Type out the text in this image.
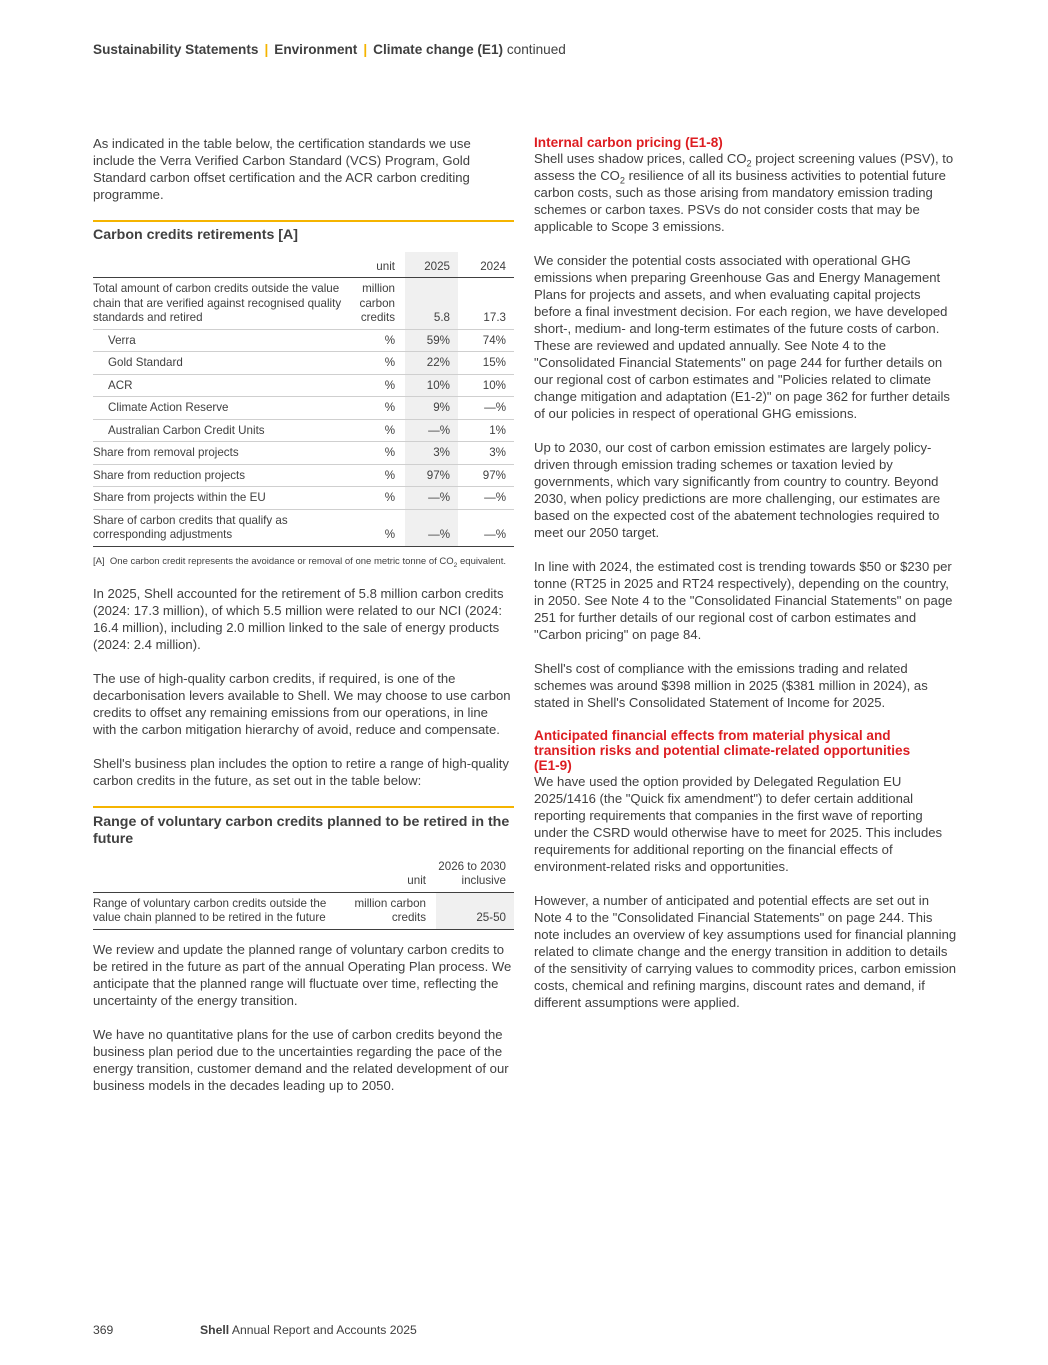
Sustainability Statements | Environment | Climate change (E1) continued

As indicated in the table below, the certification standards we use include the Verra Verified Carbon Standard (VCS) Program, Gold Standard carbon offset certification and the ACR carbon crediting programme.

Carbon credits retirements [A]
	unit	2025	2024
Total amount of carbon credits outside the value chain that are verified against recognised quality standards and retired	million carbon credits	5.8	17.3
Verra	%	59%	74%
Gold Standard	%	22%	15%
ACR	%	10%	10%
Climate Action Reserve	%	9%	—%
Australian Carbon Credit Units	%	—%	1%
Share from removal projects	%	3%	3%
Share from reduction projects	%	97%	97%
Share from projects within the EU	%	—%	—%
Share of carbon credits that qualify as corresponding adjustments	%	—%	—%
[A] One carbon credit represents the avoidance or removal of one metric tonne of $CO_2$ equivalent.

In 2025, Shell accounted for the retirement of 5.8 million carbon credits (2024: 17.3 million), of which 5.5 million were related to our NCI (2024: 16.4 million), including 2.0 million linked to the sale of energy products (2024: 2.4 million).

The use of high-quality carbon credits, if required, is one of the decarbonisation levers available to Shell. We may choose to use carbon credits to offset any remaining emissions from our operations, in line with the carbon mitigation hierarchy of avoid, reduce and compensate.

Shell's business plan includes the option to retire a range of high-quality carbon credits in the future, as set out in the table below:

Range of voluntary carbon credits planned to be retired in the future
	unit	2026 to 2030 inclusive
Range of voluntary carbon credits outside the value chain planned to be retired in the future	million carbon credits	25-50

We review and update the planned range of voluntary carbon credits to be retired in the future as part of the annual Operating Plan process. We anticipate that the planned range will fluctuate over time, reflecting the uncertainty of the energy transition.

We have no quantitative plans for the use of carbon credits beyond the business plan period due to the uncertainties regarding the pace of the energy transition, customer demand and the related development of our business models in the decades leading up to 2050.

Internal carbon pricing (E1-8)

Shell uses shadow prices, called $CO_2$ project screening values (PSV), to assess the $CO_2$ resilience of all its business activities to potential future carbon costs, such as those arising from mandatory emission trading schemes or carbon taxes. PSVs do not consider costs that may be applicable to Scope 3 emissions.

We consider the potential costs associated with operational GHG emissions when preparing Greenhouse Gas and Energy Management Plans for projects and assets, and when evaluating capital projects before a final investment decision. For each region, we have developed short-, medium- and long-term estimates of the future costs of carbon. These are reviewed and updated annually. See Note 4 to the "Consolidated Financial Statements" on page 244 for further details on our regional cost of carbon estimates and "Policies related to climate change mitigation and adaptation (E1-2)" on page 362 for further details of our policies in respect of operational GHG emissions.

Up to 2030, our cost of carbon emission estimates are largely policy-driven through emission trading schemes or taxation levied by governments, which vary significantly from country to country. Beyond 2030, when policy predictions are more challenging, our estimates are based on the expected cost of the abatement technologies required to meet our 2050 target.

In line with 2024, the estimated cost is trending towards $50 or $230 per tonne (RT25 in 2025 and RT24 respectively), depending on the country, in 2050. See Note 4 to the "Consolidated Financial Statements" on page 251 for further details of our regional cost of carbon estimates and "Carbon pricing" on page 84.

Shell's cost of compliance with the emissions trading and related schemes was around $398 million in 2025 ($381 million in 2024), as stated in Shell's Consolidated Statement of Income for 2025.

Anticipated financial effects from material physical and transition risks and potential climate-related opportunities (E1-9)

We have used the option provided by Delegated Regulation EU 2025/1416 (the "Quick fix amendment") to defer certain additional reporting requirements that companies in the first wave of reporting under the CSRD would otherwise have to meet for 2025. This includes requirements for additional reporting on the financial effects of environment-related risks and opportunities.

However, a number of anticipated and potential effects are set out in Note 4 to the "Consolidated Financial Statements" on page 244. This note includes an overview of key assumptions used for financial planning related to climate change and the energy transition in addition to details of the sensitivity of carrying values to commodity prices, carbon emission costs, chemical and refining margins, discount rates and demand, if different assumptions were applied.

369	Shell Annual Report and Accounts 2025
